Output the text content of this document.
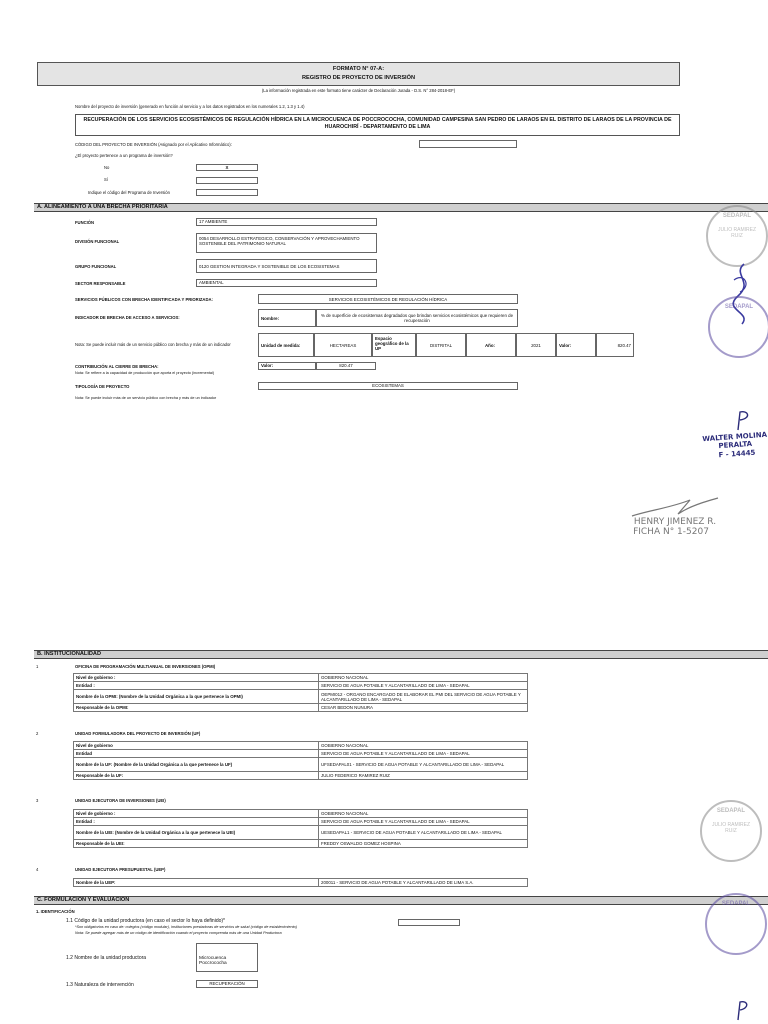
FORMATO N° 07-A:
REGISTRO DE PROYECTO DE INVERSIÓN
(La información registrada en este formato tiene carácter de Declaración Jurada - D.S. N° 284-2018-EF)
Nombre del proyecto de inversión (generado en función al servicio y a los datos registrados en los numerales 1.2, 1.3 y 1.4)
RECUPERACIÓN DE LOS SERVICIOS ECOSISTÉMICOS DE REGULACIÓN HÍDRICA EN LA MICROCUENCA DE POCCROCOCHA, COMUNIDAD CAMPESINA SAN PEDRO DE LARAOS EN EL DISTRITO DE LARAOS DE LA PROVINCIA DE HUAROCHIRÍ - DEPARTAMENTO DE LIMA
CÓDIGO DEL PROYECTO DE INVERSIÓN (Asignado por el Aplicativo Informático):
¿El proyecto pertenece a un programa de inversión?
No	X
Sí
Indique el código del Programa de Inversión
A. ALINEAMIENTO A UNA BRECHA PRIORITARIA
FUNCIÓN	17 AMBIENTE
DIVISIÓN FUNCIONAL
0054 DESARROLLO ESTRATEGICO, CONSERVACIÓN Y APROVECHAMIENTO SOSTENIBLE DEL PATRIMONIO NATURAL
GRUPO FUNCIONAL	0120 GESTION INTEGRADA Y SOSTENIBLE DE LOS ECOSISTEMAS
SECTOR RESPONSABLE	AMBIENTAL
SERVICIOS PÚBLICOS CON BRECHA IDENTIFICADA Y PRIORIZADA:	SERVICIOS ECOSISTÉMICOS DE REGULACIÓN HÍDRICA
INDICADOR DE BRECHA DE ACCESO A SERVICIOS:	Nombre:
% de superficie de ecosistemas degradados que brindan servicios ecosistémicos que requieren de recuperación
Nota: Se puede incluir más de un servicio público con brecha y más de un indicador	Unidad de medida:	HECTAREAS
Espacio geográfico de la UP
DISTRITAL	Año:	2021	Valor:	820.47
CONTRIBUCIÓN AL CIERRE DE BRECHA:
Nota: Se refiere a la capacidad de producción que aporta el proyecto (incremental)
Valor:	820.47
TIPOLOGÍA DE PROYECTO	ECOSISTEMAS
Nota: Se puede incluir más de un servicio público con brecha y más de un indicador
SEDAPAL
JULIO RAMIREZ RUIZ
SEDAPAL
WALTER MOLINA PERALTA
F - 14445
HENRY JIMENEZ R.
FICHA N° 1-5207
B. INSTITUCIONALIDAD
1	OFICINA DE PROGRAMACIÓN MULTIANUAL DE INVERSIONES (OPMI)
Nivel de gobierno :	GOBIERNO NACIONAL
Entidad :	SERVICIO DE AGUA POTABLE Y ALCANTARILLADO DE LIMA - SEDAPAL
Nombre de la OPMI: (Nombre de la Unidad Orgánica a la que pertenece la OPMI)	OEPMI012 - ORGANO ENCARGADO DE ELABORAR EL PMI DEL SERVICIO DE AGUA POTABLE Y ALCANTARILLADO DE LIMA - SEDAPAL
Responsable de la OPMI:	CESAR BEDON NUNURA
2	UNIDAD FORMULADORA DEL PROYECTO DE INVERSIÓN (UF)
Nivel de gobierno	GOBIERNO NACIONAL
Entidad	SERVICIO DE AGUA POTABLE Y ALCANTARILLADO DE LIMA - SEDAPAL
Nombre de la UF: (Nombre de la Unidad Orgánica a la que pertenece la UF)	UFSEDAPAL01 - SERVICIO DE AGUA POTABLE Y ALCANTARILLADO DE LIMA - SEDAPAL
Responsable de la UF:	JULIO FEDERICO RAMIREZ RUIZ
3	UNIDAD EJECUTORA DE INVERSIONES (UEI)
Nivel de gobierno :	GOBIERNO NACIONAL
Entidad :	SERVICIO DE AGUA POTABLE Y ALCANTARILLADO DE LIMA - SEDAPAL
Nombre de la UEI: (Nombre de la Unidad Orgánica a la que pertenece la UEI)	UESEDAPAL1 - SERVICIO DE AGUA POTABLE Y ALCANTARILLADO DE LIMA - SEDAPAL
Responsable de la UEI:	FREDDY OSWALDO GOMEZ HOSPINA
4	UNIDAD EJECUTORA PRESUPUESTAL (UEP)
Nombre de la UEP:	200011 - SERVICIO DE AGUA POTABLE Y ALCANTARILLADO DE LIMA S.A.
C. FORMULACION Y EVALUACION
1. IDENTIFICACIÓN
1.1 Código de la unidad productora (en caso el sector lo haya definido)*
*Son obligatorios en caso de: colegios (código modular), instituciones prestadoras de servicios de salud (código de establecimiento)
Nota: Se puede agregar más de un código de identificación cuando el proyecto comprenda más de una Unidad Productora
1.2 Nombre de la unidad productora	Microcuenca Poccrococha
1.3 Naturaleza de intervención	RECUPERACIÓN
SEDAPAL
JULIO RAMIREZ RUIZ
SEDAPAL
